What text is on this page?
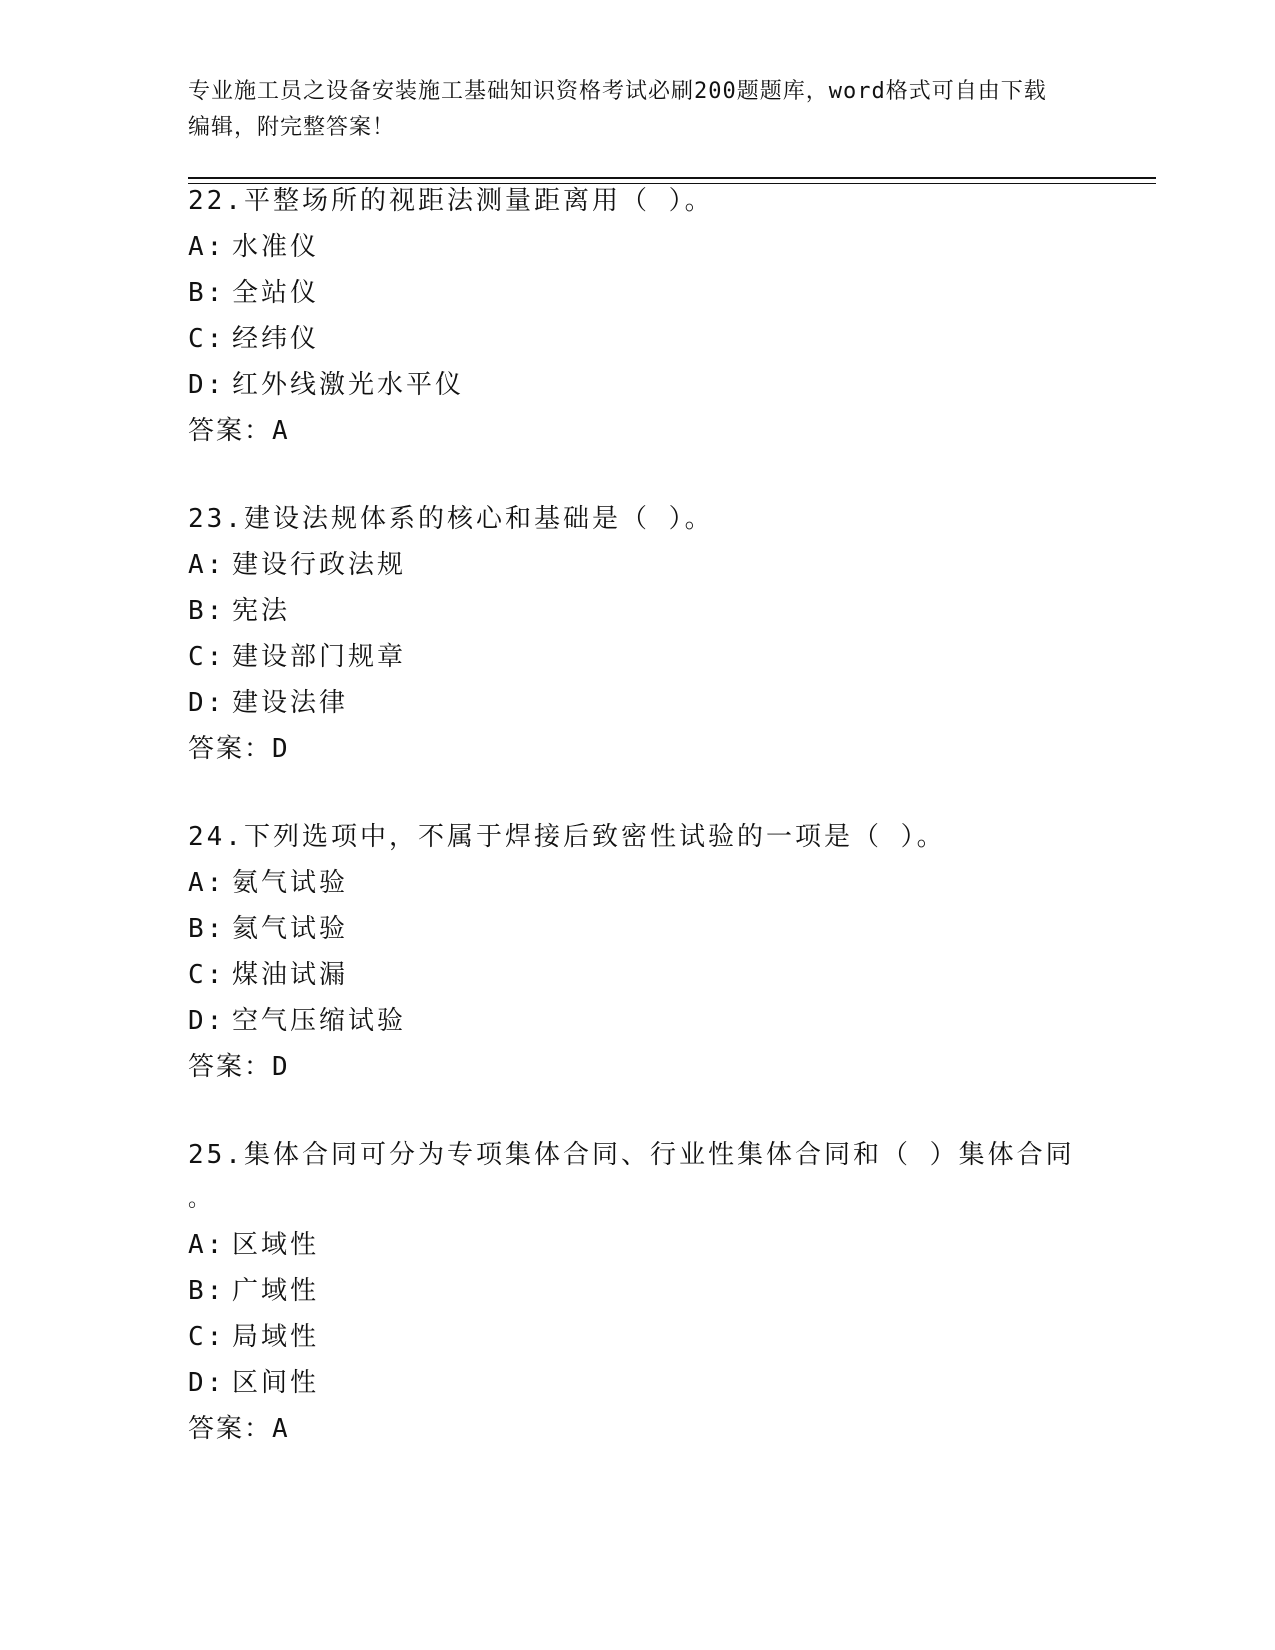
专业施工员之设备安装施工基础知识资格考试必刷200题题库，word格式可自由下载编辑，附完整答案！
22.平整场所的视距法测量距离用（ ）。
A: 水准仪
B: 全站仪
C: 经纬仪
D: 红外线激光水平仪
答案：A
23.建设法规体系的核心和基础是（ ）。
A: 建设行政法规
B: 宪法
C: 建设部门规章
D: 建设法律
答案：D
24.下列选项中，不属于焊接后致密性试验的一项是（ ）。
A: 氨气试验
B: 氦气试验
C: 煤油试漏
D: 空气压缩试验
答案：D
25.集体合同可分为专项集体合同、行业性集体合同和（ ）集体合同
。
A: 区域性
B: 广域性
C: 局域性
D: 区间性
答案：A
